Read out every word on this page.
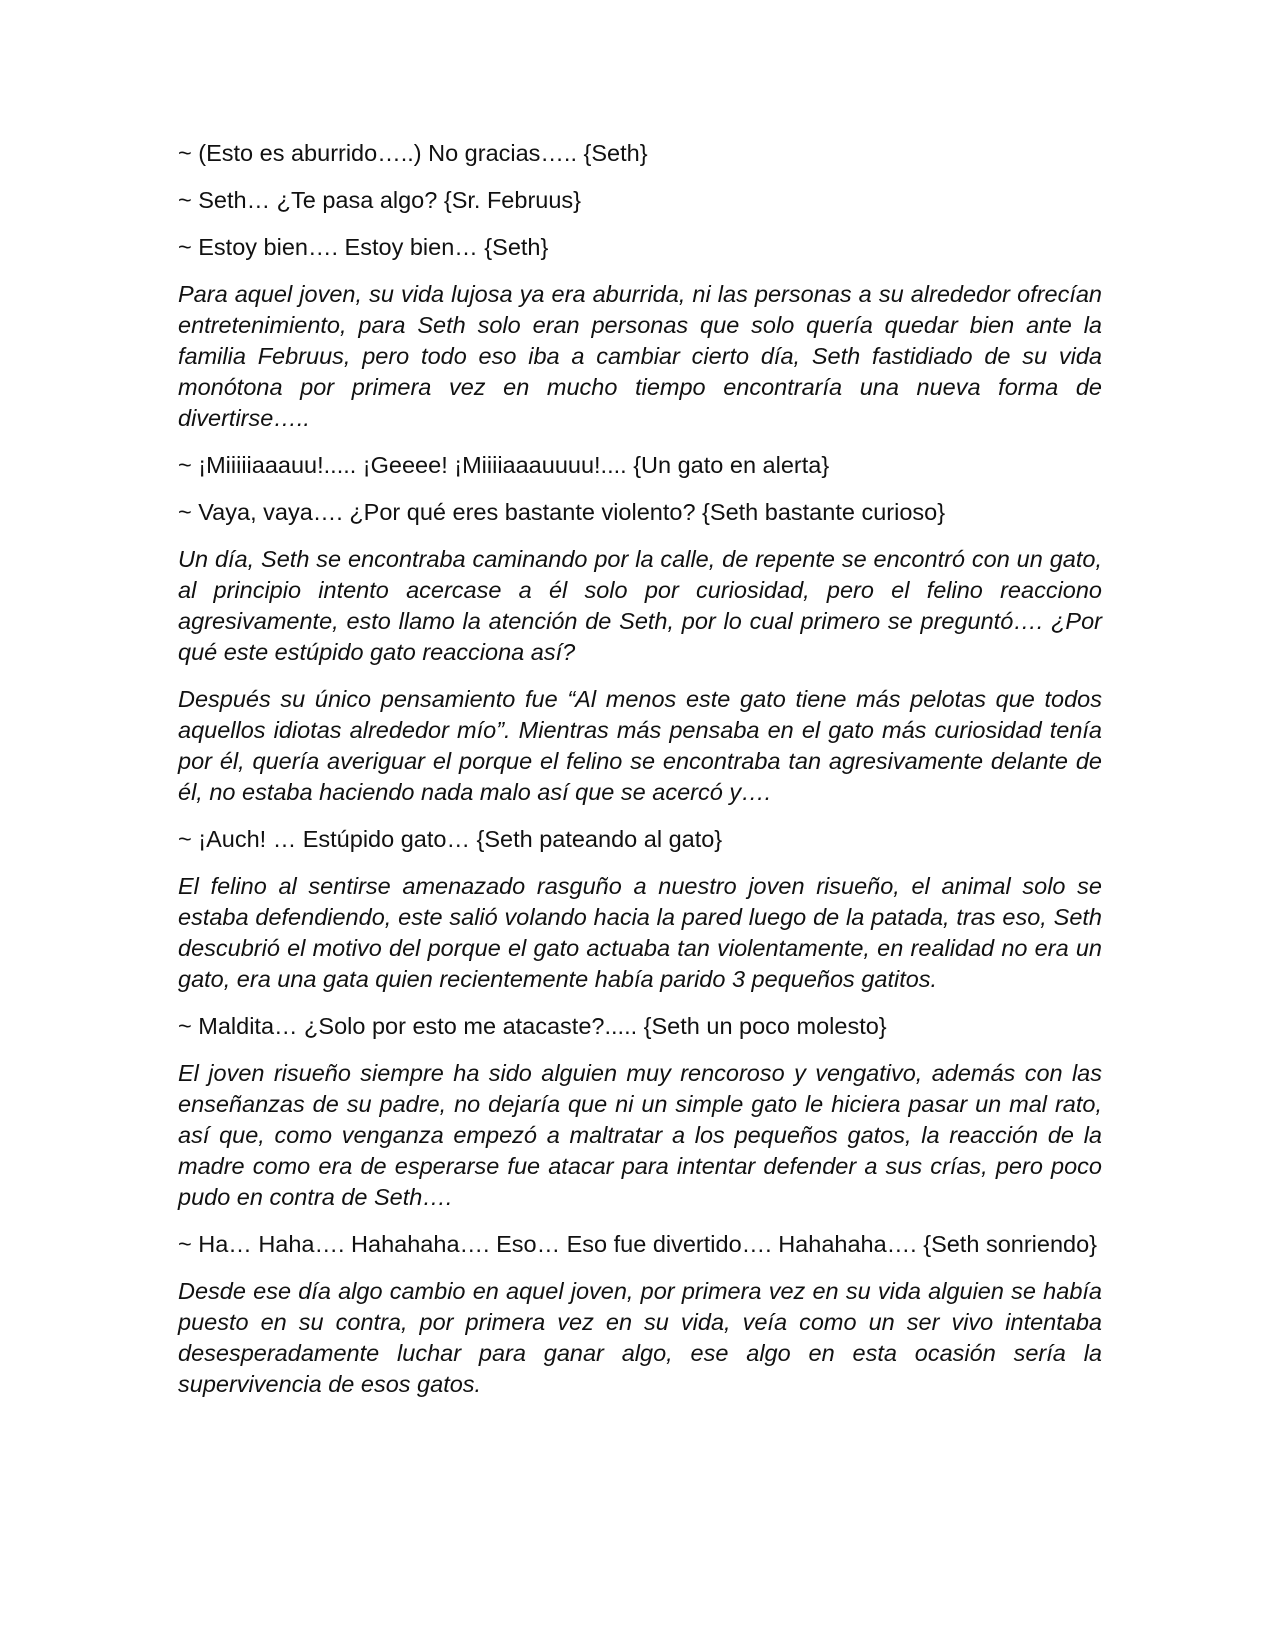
~ (Esto es aburrido…..) No gracias….. {Seth}

~ Seth… ¿Te pasa algo? {Sr. Februus}

~ Estoy bien…. Estoy bien… {Seth}

Para aquel joven, su vida lujosa ya era aburrida, ni las personas a su alrededor ofrecían entretenimiento, para Seth solo eran personas que solo quería quedar bien ante la familia Februus, pero todo eso iba a cambiar cierto día, Seth fastidiado de su vida monótona por primera vez en mucho tiempo encontraría una nueva forma de divertirse…..

~ ¡Miiiiiaaauu!..... ¡Geeee! ¡Miiiiaaauuuu!.... {Un gato en alerta}

~ Vaya, vaya…. ¿Por qué eres bastante violento? {Seth bastante curioso}

Un día, Seth se encontraba caminando por la calle, de repente se encontró con un gato, al principio intento acercase a él solo por curiosidad, pero el felino reacciono agresivamente, esto llamo la atención de Seth, por lo cual primero se preguntó…. ¿Por qué este estúpido gato reacciona así?

Después su único pensamiento fue “Al menos este gato tiene más pelotas que todos aquellos idiotas alrededor mío”. Mientras más pensaba en el gato más curiosidad tenía por él, quería averiguar el porque el felino se encontraba tan agresivamente delante de él, no estaba haciendo nada malo así que se acercó y….

~ ¡Auch! … Estúpido gato… {Seth pateando al gato}

El felino al sentirse amenazado rasguño a nuestro joven risueño, el animal solo se estaba defendiendo, este salió volando hacia la pared luego de la patada, tras eso, Seth descubrió el motivo del porque el gato actuaba tan violentamente, en realidad no era un gato, era una gata quien recientemente había parido 3 pequeños gatitos.

~ Maldita… ¿Solo por esto me atacaste?..... {Seth un poco molesto}

El joven risueño siempre ha sido alguien muy rencoroso y vengativo, además con las enseñanzas de su padre, no dejaría que ni un simple gato le hiciera pasar un mal rato, así que, como venganza empezó a maltratar a los pequeños gatos, la reacción de la madre como era de esperarse fue atacar para intentar defender a sus crías, pero poco pudo en contra de Seth….

~ Ha… Haha…. Hahahaha…. Eso… Eso fue divertido…. Hahahaha…. {Seth sonriendo}

Desde ese día algo cambio en aquel joven, por primera vez en su vida alguien se había puesto en su contra, por primera vez en su vida, veía como un ser vivo intentaba desesperadamente luchar para ganar algo, ese algo en esta ocasión sería la supervivencia de esos gatos.
